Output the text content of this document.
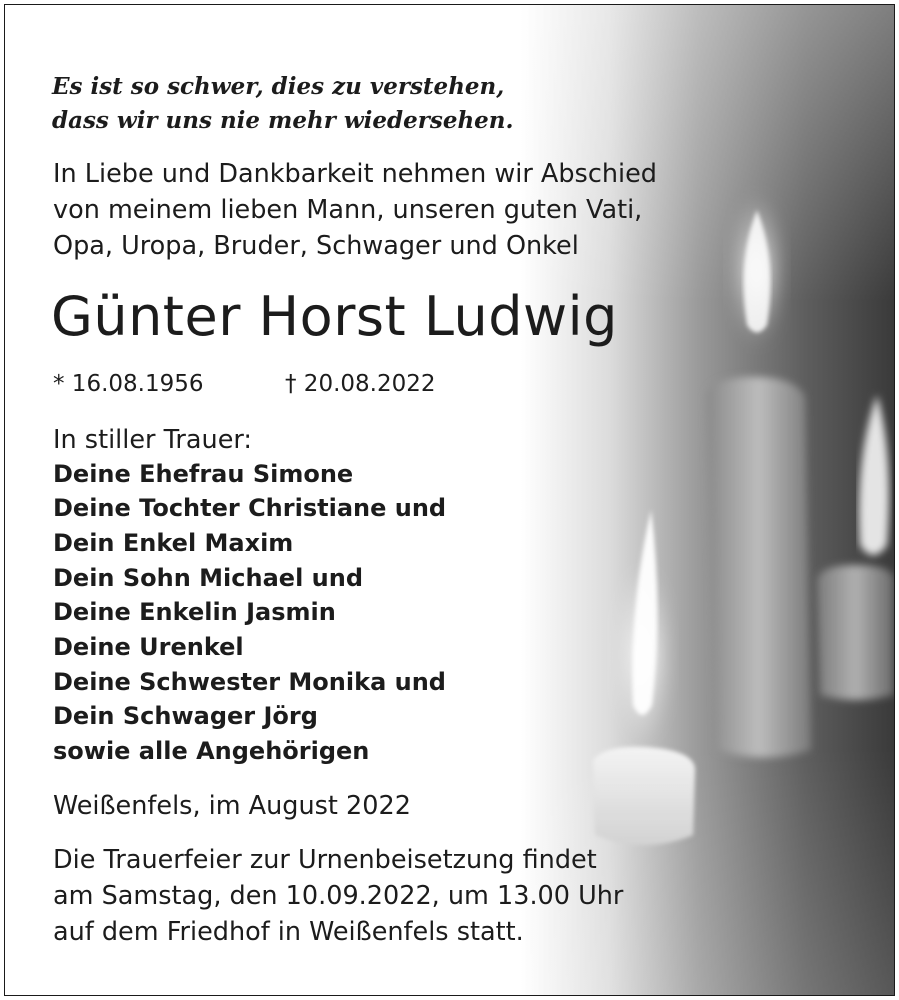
Es ist so schwer, dies zu verstehen,
dass wir uns nie mehr wiedersehen.
In Liebe und Dankbarkeit nehmen wir Abschied
von meinem lieben Mann, unseren guten Vati,
Opa, Uropa, Bruder, Schwager und Onkel
Günter Horst Ludwig
* 16.08.1956	† 20.08.2022
In stiller Trauer:
Deine Ehefrau Simone
Deine Tochter Christiane und
Dein Enkel Maxim
Dein Sohn Michael und
Deine Enkelin Jasmin
Deine Urenkel
Deine Schwester Monika und
Dein Schwager Jörg
sowie alle Angehörigen
Weißenfels, im August 2022
Die Trauerfeier zur Urnenbeisetzung findet
am Samstag, den 10.09.2022, um 13.00 Uhr
auf dem Friedhof in Weißenfels statt.
